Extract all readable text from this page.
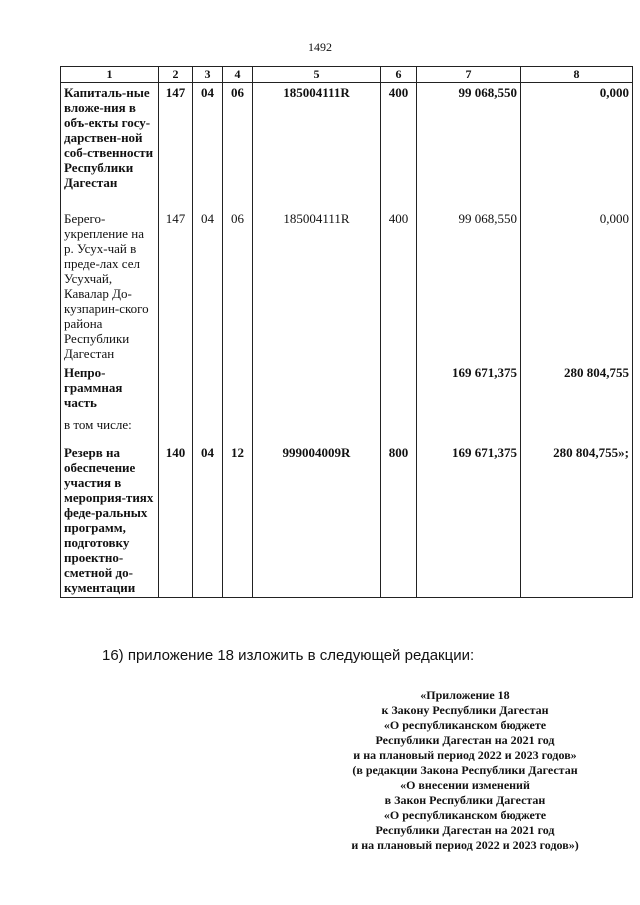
1492
1	2	3	4	5	6	7	8
Капиталь-ные вложе-ния в объ-екты госу-дарствен-ной соб-ственности Республики Дагестан	147	04	06	185004111R	400	99 068,550	0,000
Берего-укрепление на р. Усух-чай в преде-лах сел Усухчай, Кавалар До-кузпарин-ского района Республики Дагестан	147	04	06	185004111R	400	99 068,550	0,000
Непро-граммная часть						169 671,375	280 804,755
в том числе:							
Резерв на обеспечение участия в мероприя-тиях феде-ральных программ, подготовку проектно-сметной до-кументации	140	04	12	999004009R	800	169 671,375	280 804,755»;
16) приложение 18 изложить в следующей редакции:
«Приложение 18
к Закону Республики Дагестан
«О республиканском бюджете
Республики Дагестан на 2021 год
и на плановый период 2022 и 2023 годов»
(в редакции Закона Республики Дагестан
«О внесении изменений
в Закон Республики Дагестан
«О республиканском бюджете
Республики Дагестан на 2021 год
и на плановый период 2022 и 2023 годов»)
